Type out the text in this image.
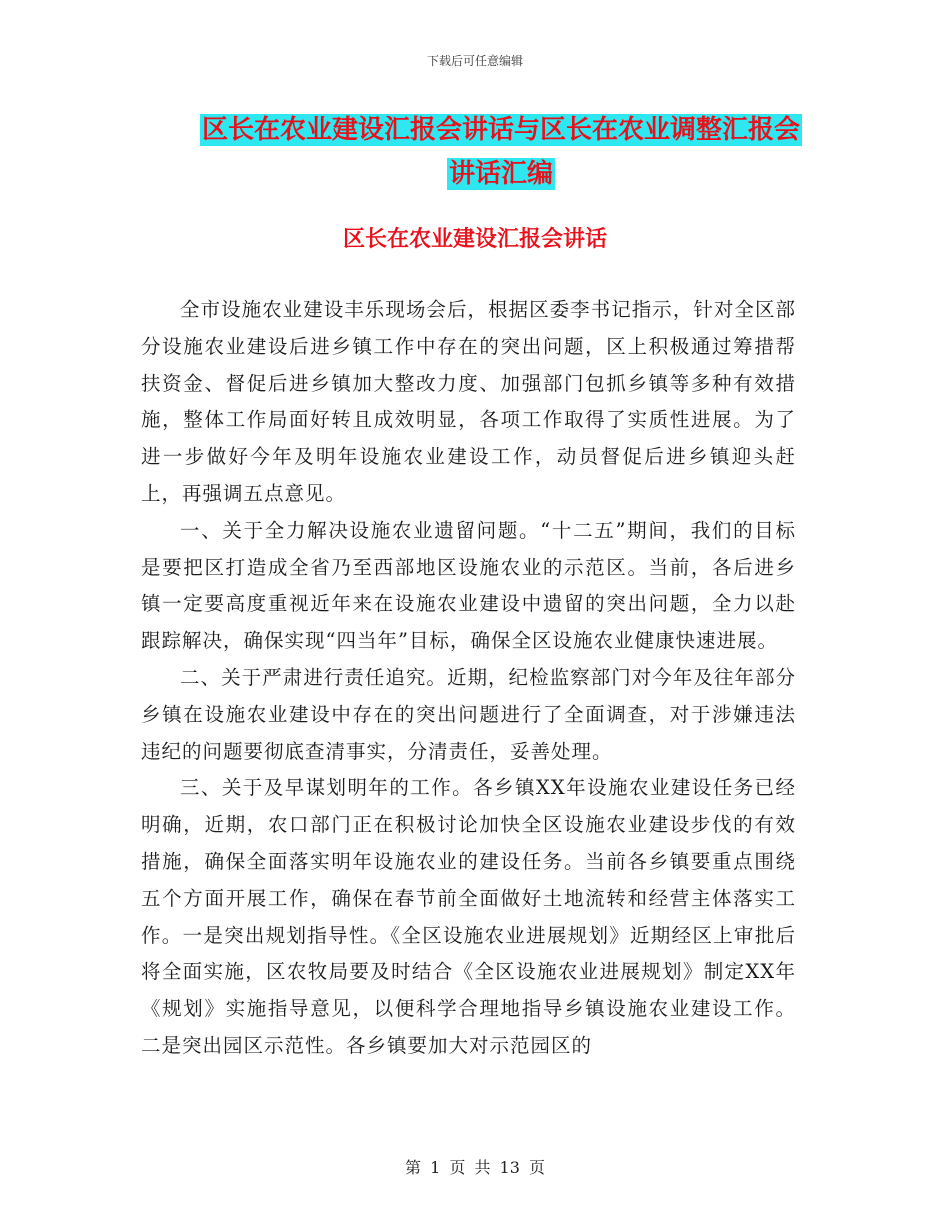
下载后可任意编辑
区长在农业建设汇报会讲话与区长在农业调整汇报会
讲话汇编
区长在农业建设汇报会讲话

全市设施农业建设丰乐现场会后，根据区委李书记指示，针对全区部分设施农业建设后进乡镇工作中存在的突出问题，区上积极通过筹措帮扶资金、督促后进乡镇加大整改力度、加强部门包抓乡镇等多种有效措施，整体工作局面好转且成效明显，各项工作取得了实质性进展。为了进一步做好今年及明年设施农业建设工作，动员督促后进乡镇迎头赶上，再强调五点意见。

一、关于全力解决设施农业遗留问题。“十二五”期间，我们的目标是要把区打造成全省乃至西部地区设施农业的示范区。当前，各后进乡镇一定要高度重视近年来在设施农业建设中遗留的突出问题，全力以赴跟踪解决，确保实现“四当年”目标，确保全区设施农业健康快速进展。

二、关于严肃进行责任追究。近期，纪检监察部门对今年及往年部分乡镇在设施农业建设中存在的突出问题进行了全面调查，对于涉嫌违法违纪的问题要彻底查清事实，分清责任，妥善处理。

三、关于及早谋划明年的工作。各乡镇XX年设施农业建设任务已经明确，近期，农口部门正在积极讨论加快全区设施农业建设步伐的有效措施，确保全面落实明年设施农业的建设任务。当前各乡镇要重点围绕五个方面开展工作，确保在春节前全面做好土地流转和经营主体落实工作。一是突出规划指导性。《全区设施农业进展规划》近期经区上审批后将全面实施，区农牧局要及时结合《全区设施农业进展规划》制定XX年《规划》实施指导意见，以便科学合理地指导乡镇设施农业建设工作。二是突出园区示范性。各乡镇要加大对示范园区的

第 1 页 共 13 页
